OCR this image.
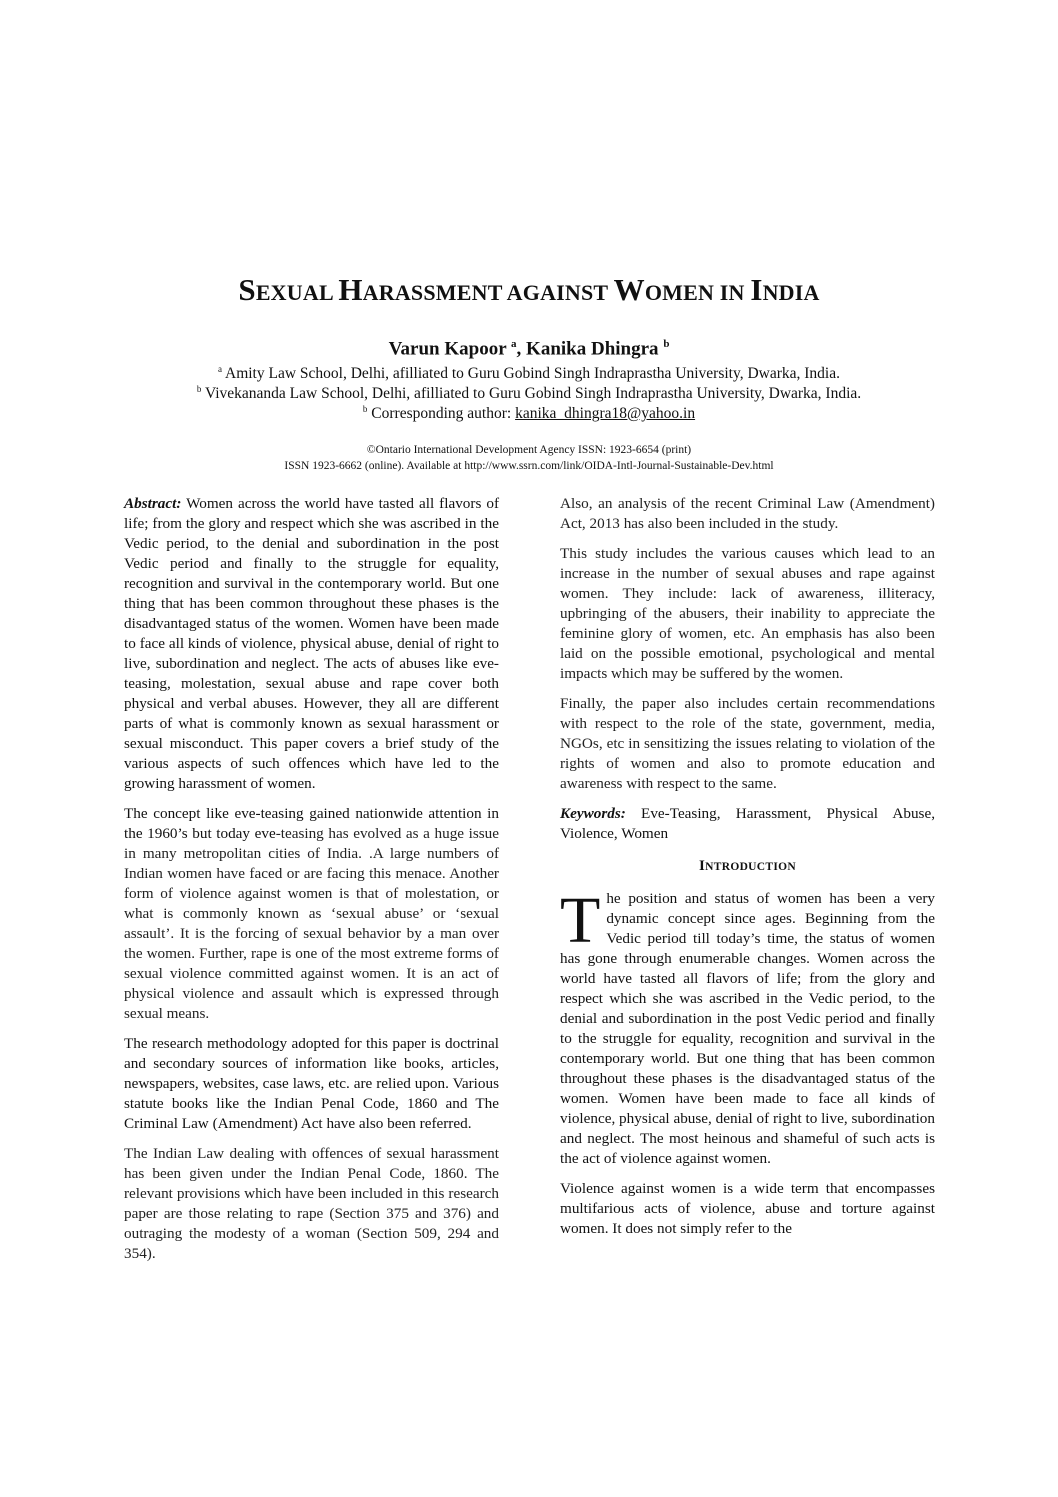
SEXUAL HARASSMENT AGAINST WOMEN IN INDIA
Varun Kapoor $^a$, Kanika Dhingra $^b$
$^a$ Amity Law School, Delhi, afilliated to Guru Gobind Singh Indraprastha University, Dwarka, India.
$^b$ Vivekananda Law School, Delhi, afilliated to Guru Gobind Singh Indraprastha University, Dwarka, India.
$^b$ Corresponding author: kanika_dhingra18@yahoo.in
©Ontario International Development Agency ISSN: 1923-6654 (print)
ISSN 1923-6662 (online). Available at http://www.ssrn.com/link/OIDA-Intl-Journal-Sustainable-Dev.html

Abstract: Women across the world have tasted all flavors of life; from the glory and respect which she was ascribed in the Vedic period, to the denial and subordination in the post Vedic period and finally to the struggle for equality, recognition and survival in the contemporary world. But one thing that has been common throughout these phases is the disadvantaged status of the women. Women have been made to face all kinds of violence, physical abuse, denial of right to live, subordination and neglect. The acts of abuses like eve-teasing, molestation, sexual abuse and rape cover both physical and verbal abuses. However, they all are different parts of what is commonly known as sexual harassment or sexual misconduct. This paper covers a brief study of the various aspects of such offences which have led to the growing harassment of women.

The concept like eve-teasing gained nationwide attention in the 1960’s but today eve-teasing has evolved as a huge issue in many metropolitan cities of India. .A large numbers of Indian women have faced or are facing this menace. Another form of violence against women is that of molestation, or what is commonly known as ‘sexual abuse’ or ‘sexual assault’. It is the forcing of sexual behavior by a man over the women. Further, rape is one of the most extreme forms of sexual violence committed against women. It is an act of physical violence and assault which is expressed through sexual means.

The research methodology adopted for this paper is doctrinal and secondary sources of information like books, articles, newspapers, websites, case laws, etc. are relied upon. Various statute books like the Indian Penal Code, 1860 and The Criminal Law (Amendment) Act have also been referred.

The Indian Law dealing with offences of sexual harassment has been given under the Indian Penal Code, 1860. The relevant provisions which have been included in this research paper are those relating to rape (Section 375 and 376) and outraging the modesty of a woman (Section 509, 294 and 354).

Also, an analysis of the recent Criminal Law (Amendment) Act, 2013 has also been included in the study.

This study includes the various causes which lead to an increase in the number of sexual abuses and rape against women. They include: lack of awareness, illiteracy, upbringing of the abusers, their inability to appreciate the feminine glory of women, etc. An emphasis has also been laid on the possible emotional, psychological and mental impacts which may be suffered by the women.

Finally, the paper also includes certain recommendations with respect to the role of the state, government, media, NGOs, etc in sensitizing the issues relating to violation of the rights of women and also to promote education and awareness with respect to the same.

Keywords: Eve-Teasing, Harassment, Physical Abuse, Violence, Women

INTRODUCTION

The position and status of women has been a very dynamic concept since ages. Beginning from the Vedic period till today’s time, the status of women has gone through enumerable changes. Women across the world have tasted all flavors of life; from the glory and respect which she was ascribed in the Vedic period, to the denial and subordination in the post Vedic period and finally to the struggle for equality, recognition and survival in the contemporary world. But one thing that has been common throughout these phases is the disadvantaged status of the women. Women have been made to face all kinds of violence, physical abuse, denial of right to live, subordination and neglect. The most heinous and shameful of such acts is the act of violence against women.

Violence against women is a wide term that encompasses multifarious acts of violence, abuse and torture against women. It does not simply refer to the
